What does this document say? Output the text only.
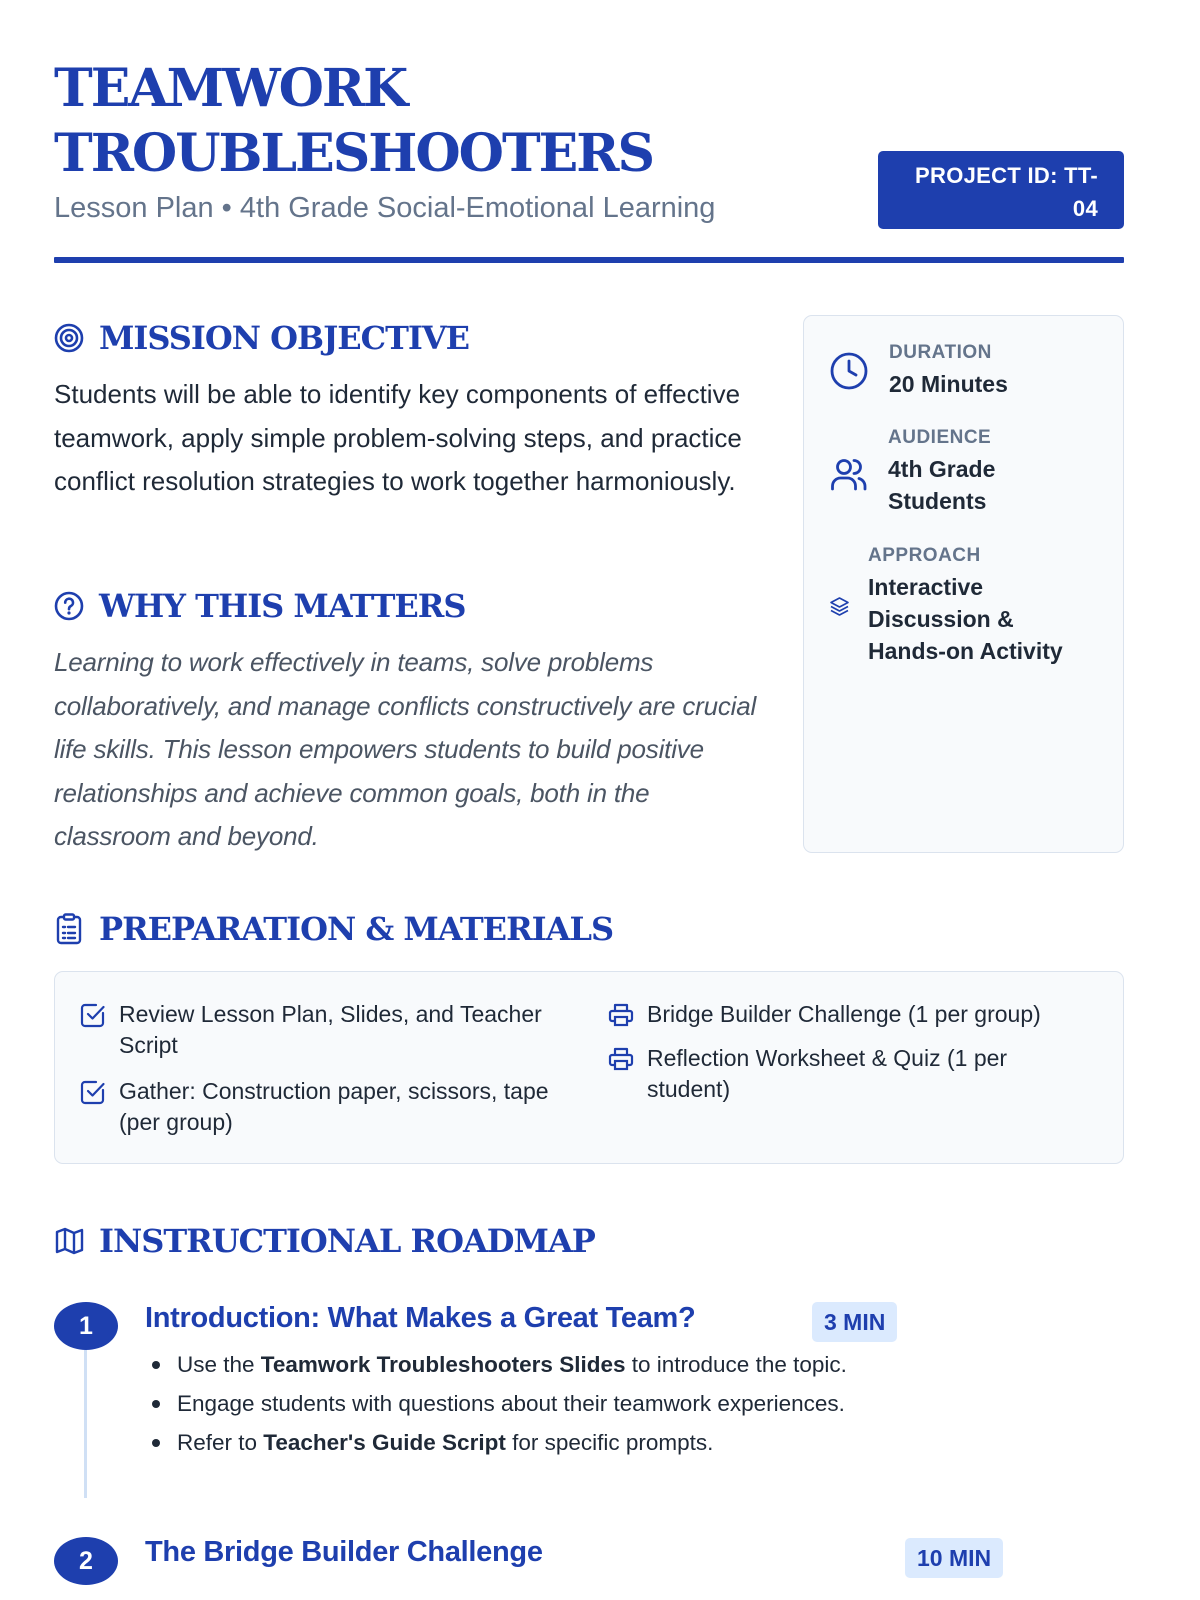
TEAMWORK TROUBLESHOOTERS
Lesson Plan • 4th Grade Social-Emotional Learning
PROJECT ID: TT-04
MISSION OBJECTIVE

Students will be able to identify key components of effective teamwork, apply simple problem-solving steps, and practice conflict resolution strategies to work together harmoniously.

WHY THIS MATTERS

Learning to work effectively in teams, solve problems collaboratively, and manage conflicts constructively are crucial life skills. This lesson empowers students to build positive relationships and achieve common goals, both in the classroom and beyond.

DURATION
20 Minutes
AUDIENCE
4th Grade Students
APPROACH
Interactive Discussion & Hands-on Activity
PREPARATION & MATERIALS
Review Lesson Plan, Slides, and Teacher Script
Gather: Construction paper, scissors, tape (per group)
Bridge Builder Challenge (1 per group)
Reflection Worksheet & Quiz (1 per student)
INSTRUCTIONAL ROADMAP
1	Introduction: What Makes a Great Team?	3 MIN
Use the Teamwork Troubleshooters Slides to introduce the topic.
Engage students with questions about their teamwork experiences.
Refer to Teacher's Guide Script for specific prompts.
2	The Bridge Builder Challenge	10 MIN
